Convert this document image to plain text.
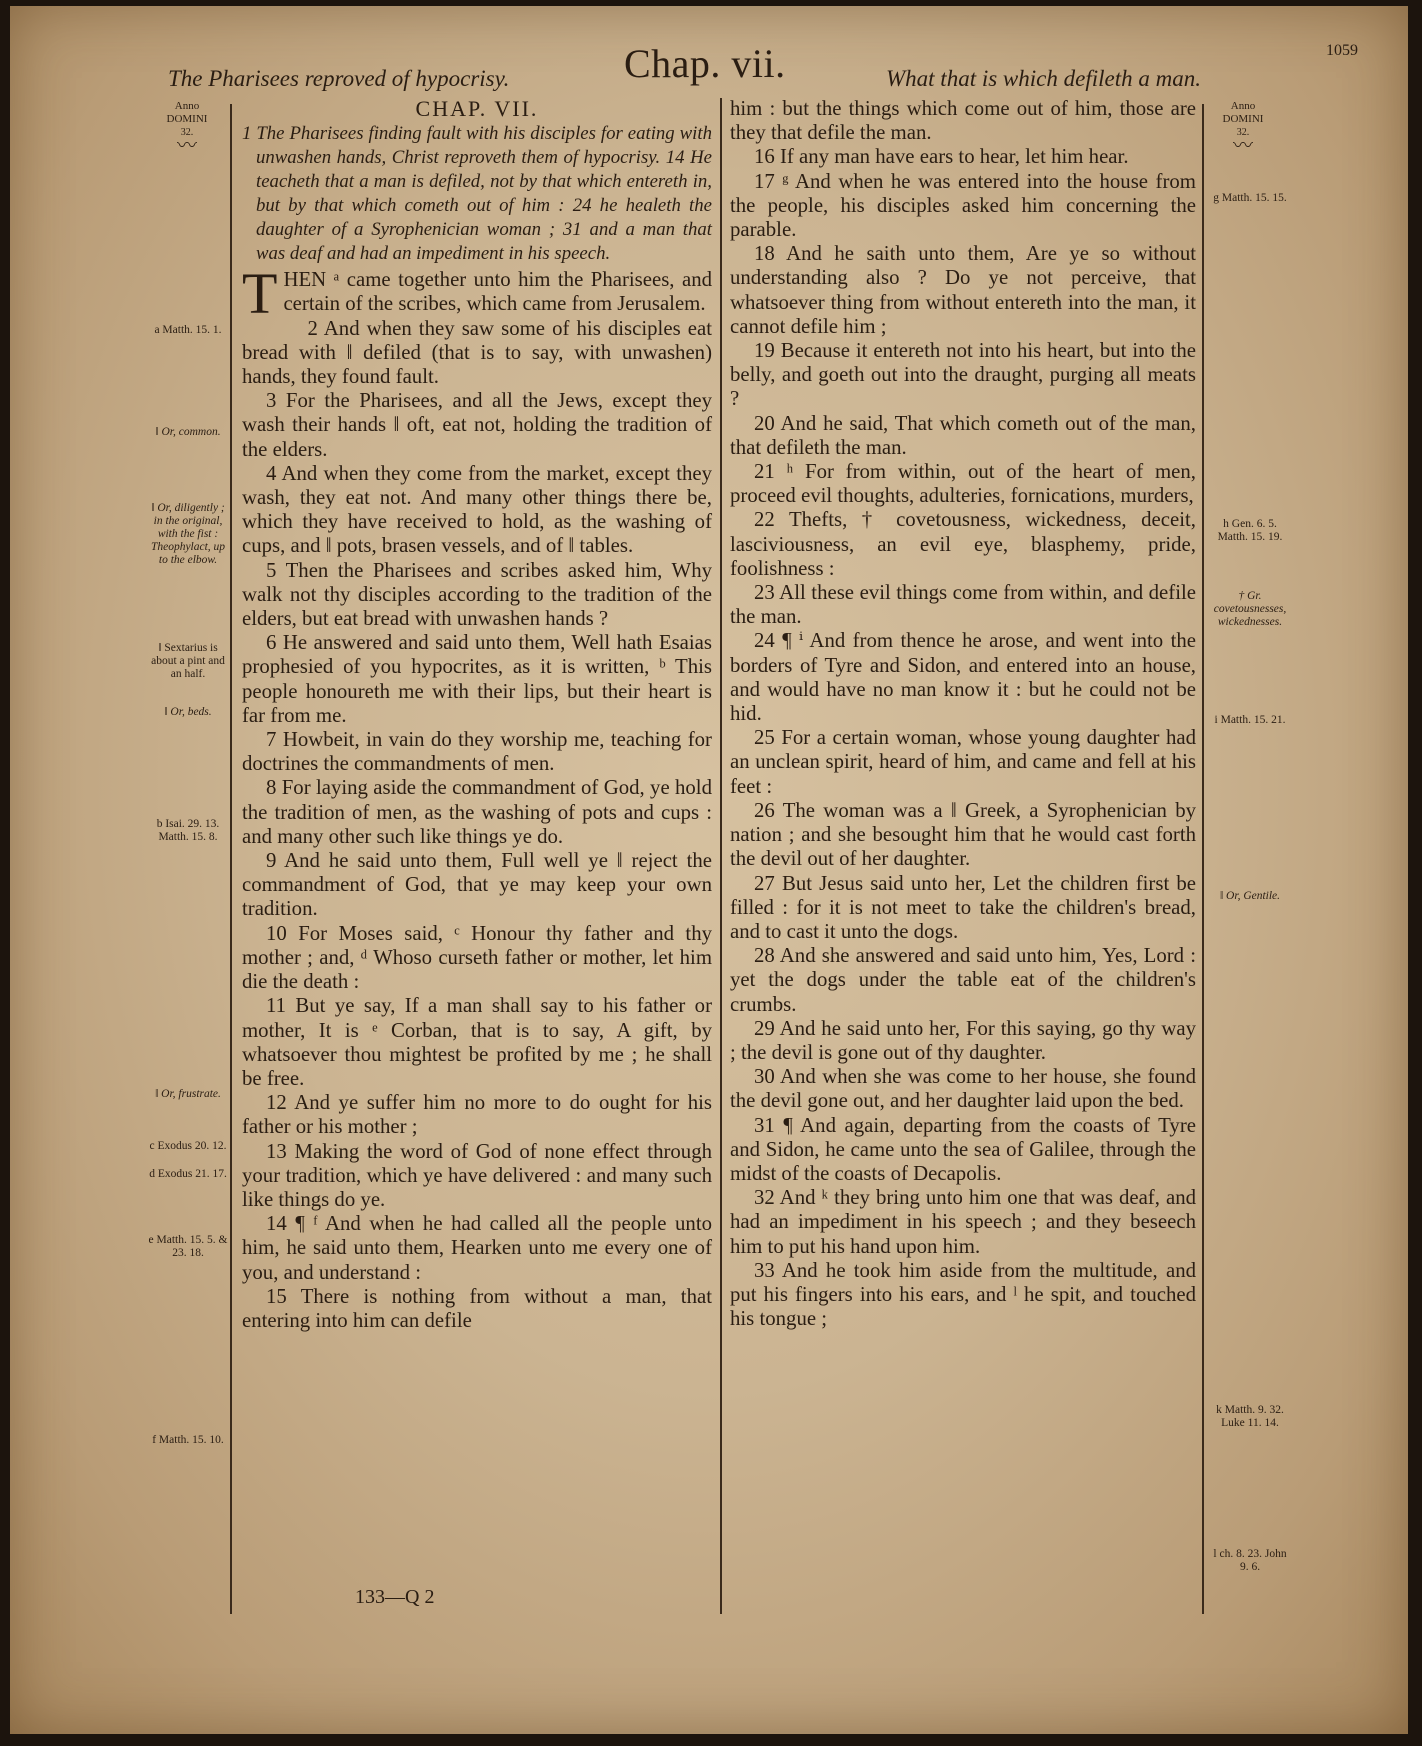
1059
The Pharisees reproved of hypocrisy.	Chap. vii.	What that is which defileth a man.
Anno
DOMINI
32.
〰
Anno
DOMINI
32.
〰
a Matth. 15. 1.
‖ Or, common.
‖ Or, diligently ; in the original, with the fist : Theophylact, up to the elbow.
‖ Sextarius is about a pint and an half.
‖ Or, beds.
b Isai. 29. 13. Matth. 15. 8.
‖ Or, frustrate.
c Exodus 20. 12.
d Exodus 21. 17.
e Matth. 15. 5. & 23. 18.
f Matth. 15. 10.
g Matth. 15. 15.
h Gen. 6. 5. Matth. 15. 19.
† Gr. covetousnesses, wickednesses.
i Matth. 15. 21.
‖ Or, Gentile.
k Matth. 9. 32. Luke 11. 14.
l ch. 8. 23. John 9. 6.
CHAP. VII.
1 The Pharisees finding fault with his disciples for eating with unwashen hands, Christ reproveth them of hypocrisy. 14 He teacheth that a man is defiled, not by that which entereth in, but by that which cometh out of him : 24 he healeth the daughter of a Syrophenician woman ; 31 and a man that was deaf and had an impediment in his speech.
T HEN ᵃ came together unto him the Pharisees, and certain of the scribes, which came from Jerusalem.

2 And when they saw some of his disciples eat bread with ‖ defiled (that is to say, with unwashen) hands, they found fault.

3 For the Pharisees, and all the Jews, except they wash their hands ‖ oft, eat not, holding the tradition of the elders.

4 And when they come from the market, except they wash, they eat not. And many other things there be, which they have received to hold, as the washing of cups, and ‖ pots, brasen vessels, and of ‖ tables.

5 Then the Pharisees and scribes asked him, Why walk not thy disciples according to the tradition of the elders, but eat bread with unwashen hands ?

6 He answered and said unto them, Well hath Esaias prophesied of you hypocrites, as it is written, ᵇ This people honoureth me with their lips, but their heart is far from me.

7 Howbeit, in vain do they worship me, teaching for doctrines the commandments of men.

8 For laying aside the commandment of God, ye hold the tradition of men, as the washing of pots and cups : and many other such like things ye do.

9 And he said unto them, Full well ye ‖ reject the commandment of God, that ye may keep your own tradition.

10 For Moses said, ᶜ Honour thy father and thy mother ; and, ᵈ Whoso curseth father or mother, let him die the death :

11 But ye say, If a man shall say to his father or mother, It is ᵉ Corban, that is to say, A gift, by whatsoever thou mightest be profited by me ; he shall be free.

12 And ye suffer him no more to do ought for his father or his mother ;

13 Making the word of God of none effect through your tradition, which ye have delivered : and many such like things do ye.

14 ¶ ᶠ And when he had called all the people unto him, he said unto them, Hearken unto me every one of you, and understand :

15 There is nothing from without a man, that entering into him can defile

him : but the things which come out of him, those are they that defile the man.

16 If any man have ears to hear, let him hear.

17 ᵍ And when he was entered into the house from the people, his disciples asked him concerning the parable.

18 And he saith unto them, Are ye so without understanding also ? Do ye not perceive, that whatsoever thing from without entereth into the man, it cannot defile him ;

19 Because it entereth not into his heart, but into the belly, and goeth out into the draught, purging all meats ?

20 And he said, That which cometh out of the man, that defileth the man.

21 ʰ For from within, out of the heart of men, proceed evil thoughts, adulteries, fornications, murders,

22 Thefts, † covetousness, wickedness, deceit, lasciviousness, an evil eye, blasphemy, pride, foolishness :

23 All these evil things come from within, and defile the man.

24 ¶ ⁱ And from thence he arose, and went into the borders of Tyre and Sidon, and entered into an house, and would have no man know it : but he could not be hid.

25 For a certain woman, whose young daughter had an unclean spirit, heard of him, and came and fell at his feet :

26 The woman was a ‖ Greek, a Syrophenician by nation ; and she besought him that he would cast forth the devil out of her daughter.

27 But Jesus said unto her, Let the children first be filled : for it is not meet to take the children's bread, and to cast it unto the dogs.

28 And she answered and said unto him, Yes, Lord : yet the dogs under the table eat of the children's crumbs.

29 And he said unto her, For this saying, go thy way ; the devil is gone out of thy daughter.

30 And when she was come to her house, she found the devil gone out, and her daughter laid upon the bed.

31 ¶ And again, departing from the coasts of Tyre and Sidon, he came unto the sea of Galilee, through the midst of the coasts of Decapolis.

32 And ᵏ they bring unto him one that was deaf, and had an impediment in his speech ; and they beseech him to put his hand upon him.

33 And he took him aside from the multitude, and put his fingers into his ears, and ˡ he spit, and touched his tongue ;

133—Q 2
